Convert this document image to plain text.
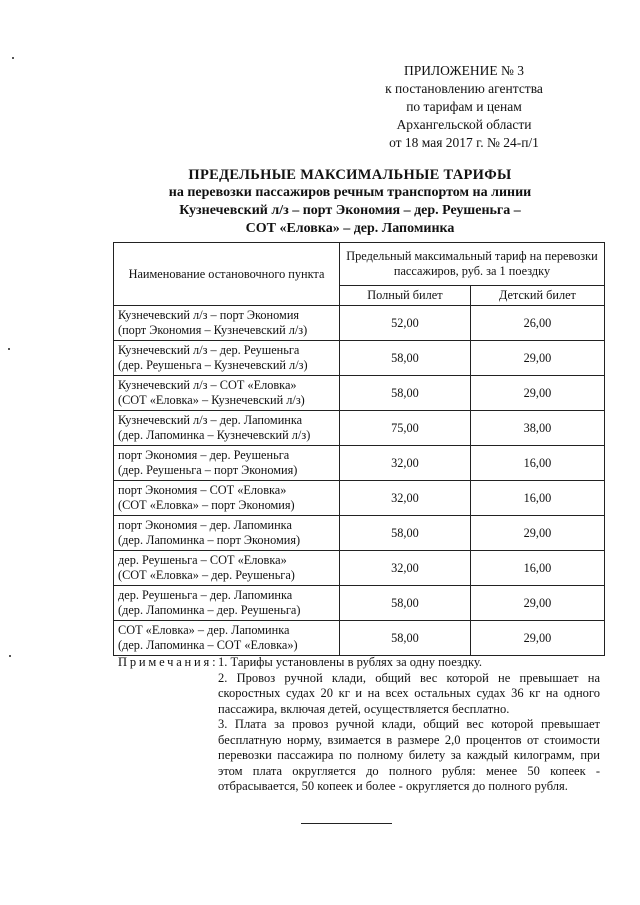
ПРИЛОЖЕНИЕ № 3
к постановлению агентства
по тарифам и ценам
Архангельской области
от 18 мая 2017 г. № 24-п/1
ПРЕДЕЛЬНЫЕ МАКСИМАЛЬНЫЕ ТАРИФЫ
на перевозки пассажиров речным транспортом на линии
Кузнечевский л/з – порт Экономия – дер. Реушеньга –
СОТ «Еловка» – дер. Лапоминка
Наименование остановочного пункта	Предельный максимальный тариф на перевозки пассажиров, руб. за 1 поездку	
	Полный билет	Детский билет

Кузнечевский л/з – порт Экономия
(порт Экономия – Кузнечевский л/з)	52,00	26,00

Кузнечевский л/з – дер. Реушеньга
(дер. Реушеньга – Кузнечевский л/з)	58,00	29,00

Кузнечевский л/з – СОТ «Еловка»
(СОТ «Еловка» – Кузнечевский л/з)	58,00	29,00

Кузнечевский л/з – дер. Лапоминка
(дер. Лапоминка – Кузнечевский л/з)	75,00	38,00

порт Экономия – дер. Реушеньга
(дер. Реушеньга – порт Экономия)	32,00	16,00

порт Экономия – СОТ «Еловка»
(СОТ «Еловка» – порт Экономия)	32,00	16,00

порт Экономия – дер. Лапоминка
(дер. Лапоминка – порт Экономия)	58,00	29,00

дер. Реушеньга – СОТ «Еловка»
(СОТ «Еловка» – дер. Реушеньга)	32,00	16,00

дер. Реушеньга – дер. Лапоминка
(дер. Лапоминка – дер. Реушеньга)	58,00	29,00

СОТ «Еловка» – дер. Лапоминка
(дер. Лапоминка – СОТ «Еловка»)	58,00	29,00
Примечания: 1. Тарифы установлены в рублях за одну поездку.

2. Провоз ручной клади, общий вес которой не превышает на скоростных судах 20 кг и на всех остальных судах 36 кг на одного пассажира, включая детей, осуществляется бесплатно.

3. Плата за провоз ручной клади, общий вес которой превышает бесплатную норму, взимается в размере 2,0 процентов от стоимости перевозки пассажира по полному билету за каждый килограмм, при этом плата округляется до полного рубля: менее 50 копеек - отбрасывается, 50 копеек и более - округляется до полного рубля.
